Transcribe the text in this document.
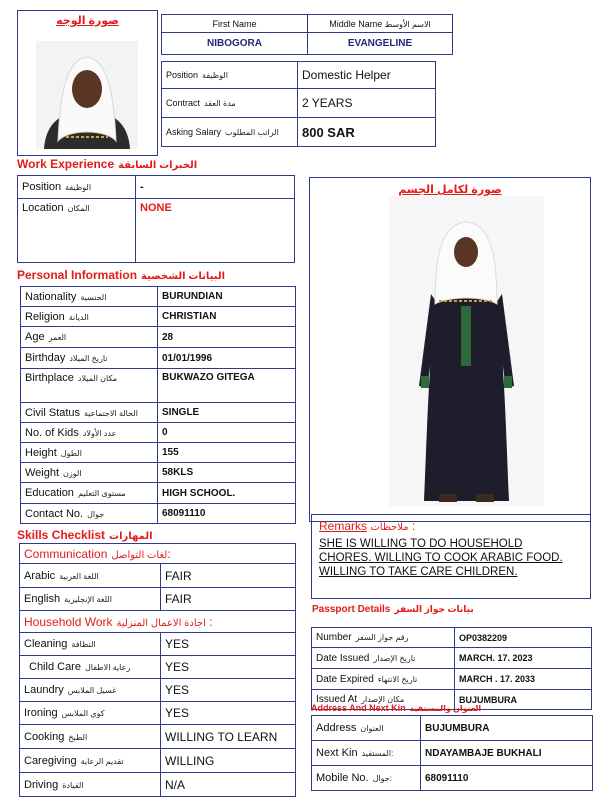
صورة الوجه	First Name	Middle Name الاسم الأوسط
NIBOGORA	EVANGELINE
Position الوظيفة	Domestic Helper
Contract مدة العقد	2 YEARS
Asking Salary الراتب المطلوب	800 SAR
Work Experience الخبرات السابقة
Position الوظيفة	-
Location المكان	NONE
صورة لكامل الجسم
Personal Information البيانات الشخصية
Nationality الجنسية	BURUNDIAN
Religion الديانة	CHRISTIAN
Age العمر	28
Birthday تاريخ الميلاد	01/01/1996
Birthplace مكان الميلاد	BUKWAZO GITEGA
Civil Status الحالة الاجتماعية	SINGLE
No. of Kids عدد الأولاد	0
Height الطول	155
Weight الوزن	58KLS
Education مستوى التعليم	HIGH SCHOOL.
Contact No. جوال	68091110
Remarks ملاحظات :
SHE IS WILLING TO DO HOUSEHOLD
CHORES. WILLING TO COOK ARABIC FOOD.
WILLING TO TAKE CARE CHILDREN.
Skills Checklist المهارات
Communication لغات التواصل:	
Arabic اللغة العربية	FAIR
English اللغة الإنجليزية	FAIR
Household Work اجادة الاعمال المنزلية :	
Cleaning النظافة	YES
Child Care رعاية الاطفال	YES
Laundry غسيل الملابس	YES
Ironing كوي الملابس	YES
Cooking الطبخ	WILLING TO LEARN
Caregiving تقديم الرعاية	WILLING
Driving القيادة	N/A
Passport Details بيانات جواز السفر
Number رقم جواز السفر	OP0382209
Date Issued تاريخ الإصدار	MARCH. 17. 2023
Date Expired تاريخ الانتهاء	MARCH . 17. 2033
Issued At مكان الإصدار	BUJUMBURA
Address And Next Kin العنوان والمستفيد
Address العنوان	BUJUMBURA
Next Kin المستفيد:	NDAYAMBAJE BUKHALI
Mobile No. جوال:	68091110
